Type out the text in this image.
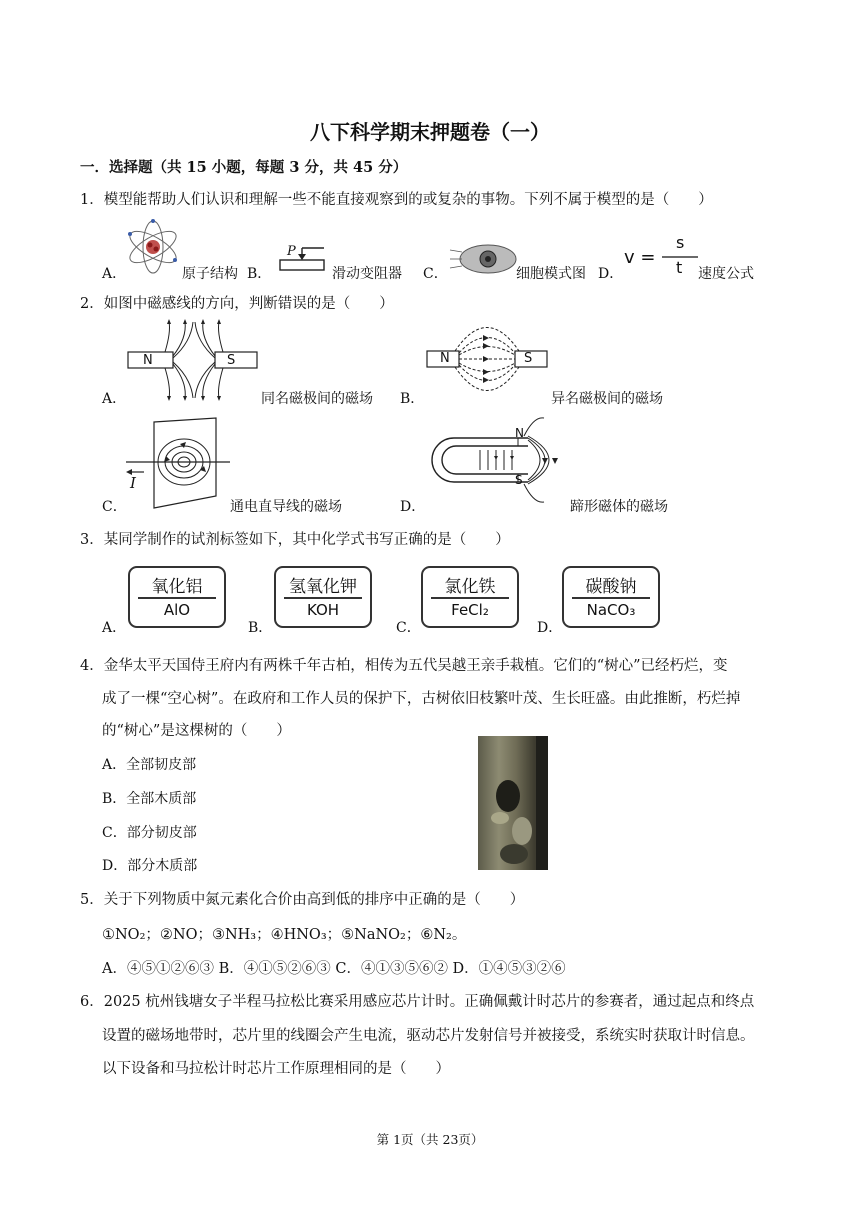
八下科学期末押题卷（一）
一．选择题（共 15 小题，每题 3 分，共 45 分）
1．模型能帮助人们认识和理解一些不能直接观察到的或复杂的事物。下列不属于模型的是（　　）
A．	原子结构 B．
P
滑动变阻器 C．	细胞模式图 D．
v =
s
t 速度公式
2．如图中磁感线的方向，判断错误的是（　　）
A．
N	S
同名磁极间的磁场 B．
N	S
异名磁极间的磁场
C．
I
通电直导线的磁场	D．
N
S
蹄形磁体的磁场
3．某同学制作的试剂标签如下，其中化学式书写正确的是（　　）
A．
氧化铝
AlO
B．
氢氧化钾
KOH
C．
氯化铁
FeCl₂
D．
碳酸钠
NaCO₃
4．金华太平天国侍王府内有两株千年古柏，相传为五代吴越王亲手栽植。它们的“树心”已经朽烂，变
成了一棵“空心树”。在政府和工作人员的保护下，古树依旧枝繁叶茂、生长旺盛。由此推断，朽烂掉
的“树心”是这棵树的（　　）
A．全部韧皮部
B．全部木质部
C．部分韧皮部
D．部分木质部
5．关于下列物质中氮元素化合价由高到低的排序中正确的是（　　）
①NO₂；②NO；③NH₃；④HNO₃；⑤NaNO₂；⑥N₂。
A．④⑤①②⑥③ B．④①⑤②⑥③ C．④①③⑤⑥② D．①④⑤③②⑥
6．2025 杭州钱塘女子半程马拉松比赛采用感应芯片计时。正确佩戴计时芯片的参赛者，通过起点和终点
设置的磁场地带时，芯片里的线圈会产生电流，驱动芯片发射信号并被接受，系统实时获取计时信息。
以下设备和马拉松计时芯片工作原理相同的是（　　）
第 1页（共 23页）
